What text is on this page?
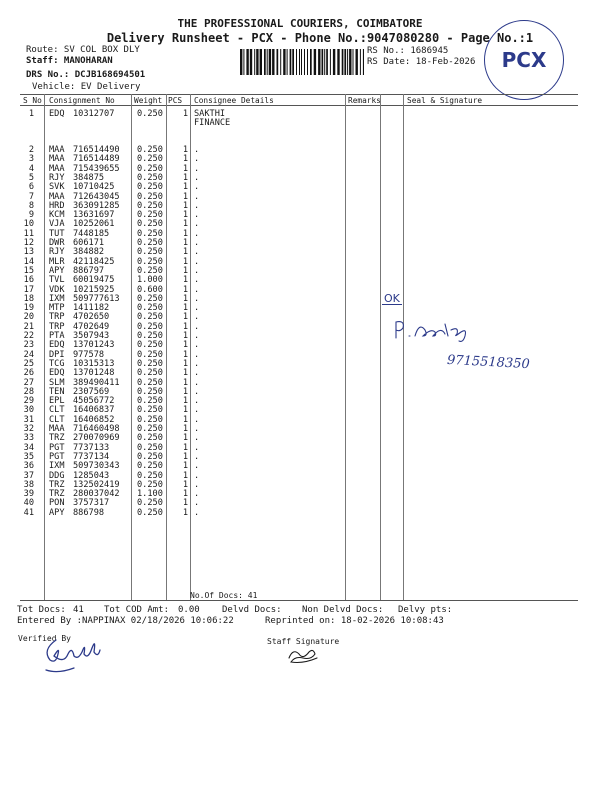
THE PROFESSIONAL COURIERS, COIMBATORE
Delivery Runsheet - PCX - Phone No.:9047080280 - Page No.:1
Route: SV COL BOX DLY
Staff: MANOHARAN
DRS No.: DCJB168694501
Vehicle: EV Delivery
RS No.: 1686945
RS Date: 18-Feb-2026 PCX
S No Consignment No Weight PCS Consignee Details	Remarks	Seal & Signature
1 EDQ 10312707	0.250	1 SAKTHI FINANCE
2 MAA 716514490 0.250	1 .
3 MAA 716514489 0.250	1 .
4 MAA 715439655 0.250	1 .
5 RJY 384875	0.250	1 .
6 SVK 10710425	0.250	1 .
7 MAA 712643045 0.250	1 .
8 HRD 363091285 0.250	1 .
9 KCM 13631697	0.250	1 .
10 VJA 10252061	0.250	1 .
11 TUT 7448185	0.250	1 .
12 DWR 606171	0.250	1 .
13 RJY 384882	0.250	1 .
14 MLR 42118425	0.250	1 .
15 APY 886797	0.250	1 .
16 TVL 60019475	1.000	1 .
17 VDK 10215925	0.600	1 .
18 IXM 509777613 0.250	1 .
19 MTP 1411182	0.250	1 .
20 TRP 4702650	0.250	1 .
21 TRP 4702649	0.250	1 .
22 PTA 3507943	0.250	1 .
23 EDQ 13701243	0.250	1 .
24 DPI 977578	0.250	1 .
25 TCG 10315313	0.250	1 .
26 EDQ 13701248	0.250	1 .
27 SLM 389490411 0.250	1 .
28 TEN 2307569	0.250	1 .
29 EPL 45056772	0.250	1 .
30 CLT 16406837	0.250	1 .
31 CLT 16406852	0.250	1 .
32 MAA 716460498 0.250	1 .
33 TRZ 270070969 0.250	1 .
34 PGT 7737133	0.250	1 .
35 PGT 7737134	0.250	1 .
36 IXM 509730343 0.250	1 .
37 DDG 1285043	0.250	1 .
38 TRZ 132502419 0.250	1 .
39 TRZ 280037042 1.100	1 .
40 PON 3757317	0.250	1 .
41 APY 886798	0.250	1 .
No.Of Docs: 41
Tot Docs: 41 Tot COD Amt: 0.00 Delvd Docs: Non Delvd Docs: Delvy pts:
Entered By :NAPPINAX 02/18/2026 10:06:22	Reprinted on: 18-02-2026 10:08:43
Verified By	Staff Signature
OK
9715518350
